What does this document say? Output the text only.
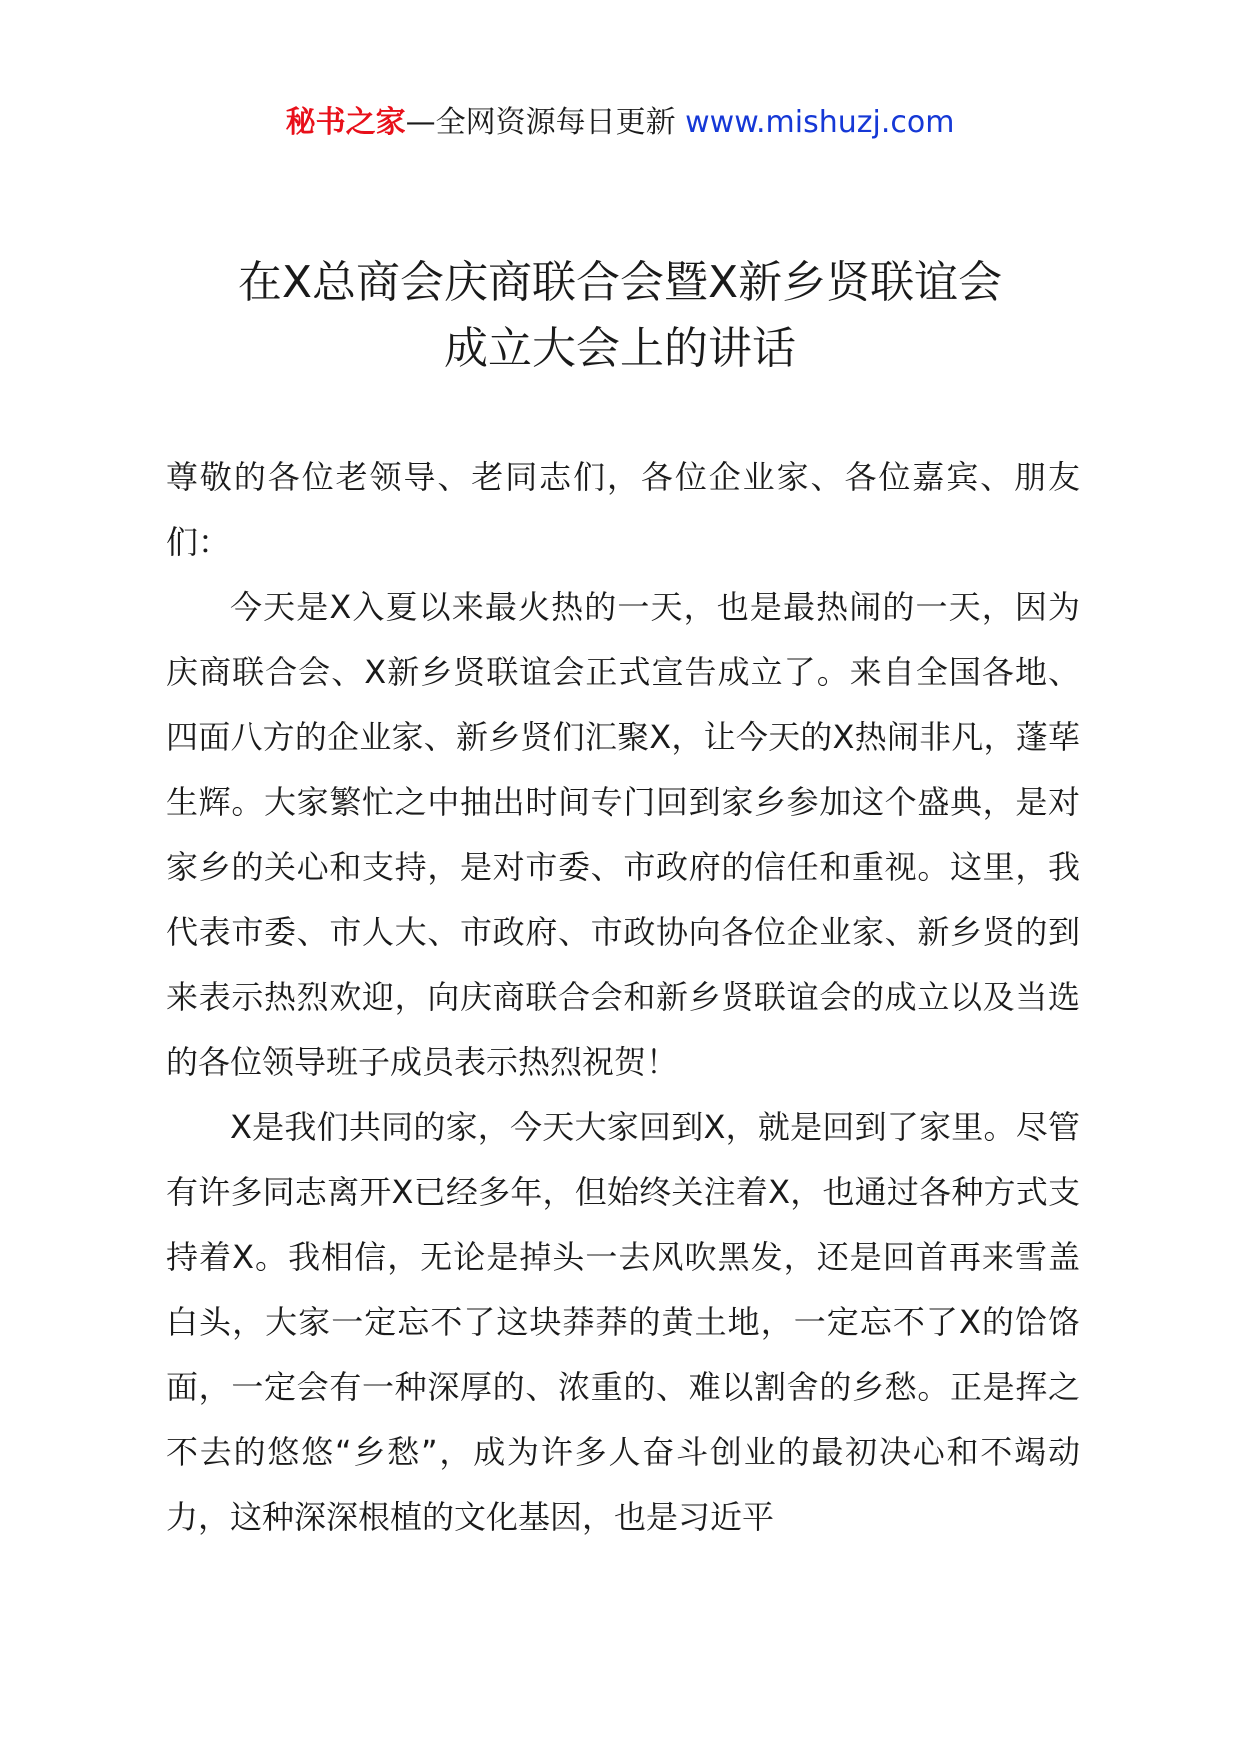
秘书之家—全网资源每日更新 www.mishuzj.com
在X总商会庆商联合会暨X新乡贤联谊会
成立大会上的讲话

尊敬的各位老领导、老同志们，各位企业家、各位嘉宾、朋友们：

今天是X入夏以来最火热的一天，也是最热闹的一天，因为庆商联合会、X新乡贤联谊会正式宣告成立了。来自全国各地、四面八方的企业家、新乡贤们汇聚X，让今天的X热闹非凡，蓬荜生辉。大家繁忙之中抽出时间专门回到家乡参加这个盛典，是对家乡的关心和支持，是对市委、市政府的信任和重视。这里，我代表市委、市人大、市政府、市政协向各位企业家、新乡贤的到来表示热烈欢迎，向庆商联合会和新乡贤联谊会的成立以及当选的各位领导班子成员表示热烈祝贺！

X是我们共同的家，今天大家回到X，就是回到了家里。尽管有许多同志离开X已经多年，但始终关注着X，也通过各种方式支持着X。我相信，无论是掉头一去风吹黑发，还是回首再来雪盖白头，大家一定忘不了这块莽莽的黄土地，一定忘不了X的饸饹面，一定会有一种深厚的、浓重的、难以割舍的乡愁。正是挥之不去的悠悠“乡愁”，成为许多人奋斗创业的最初决心和不竭动力，这种深深根植的文化基因，也是习近平
